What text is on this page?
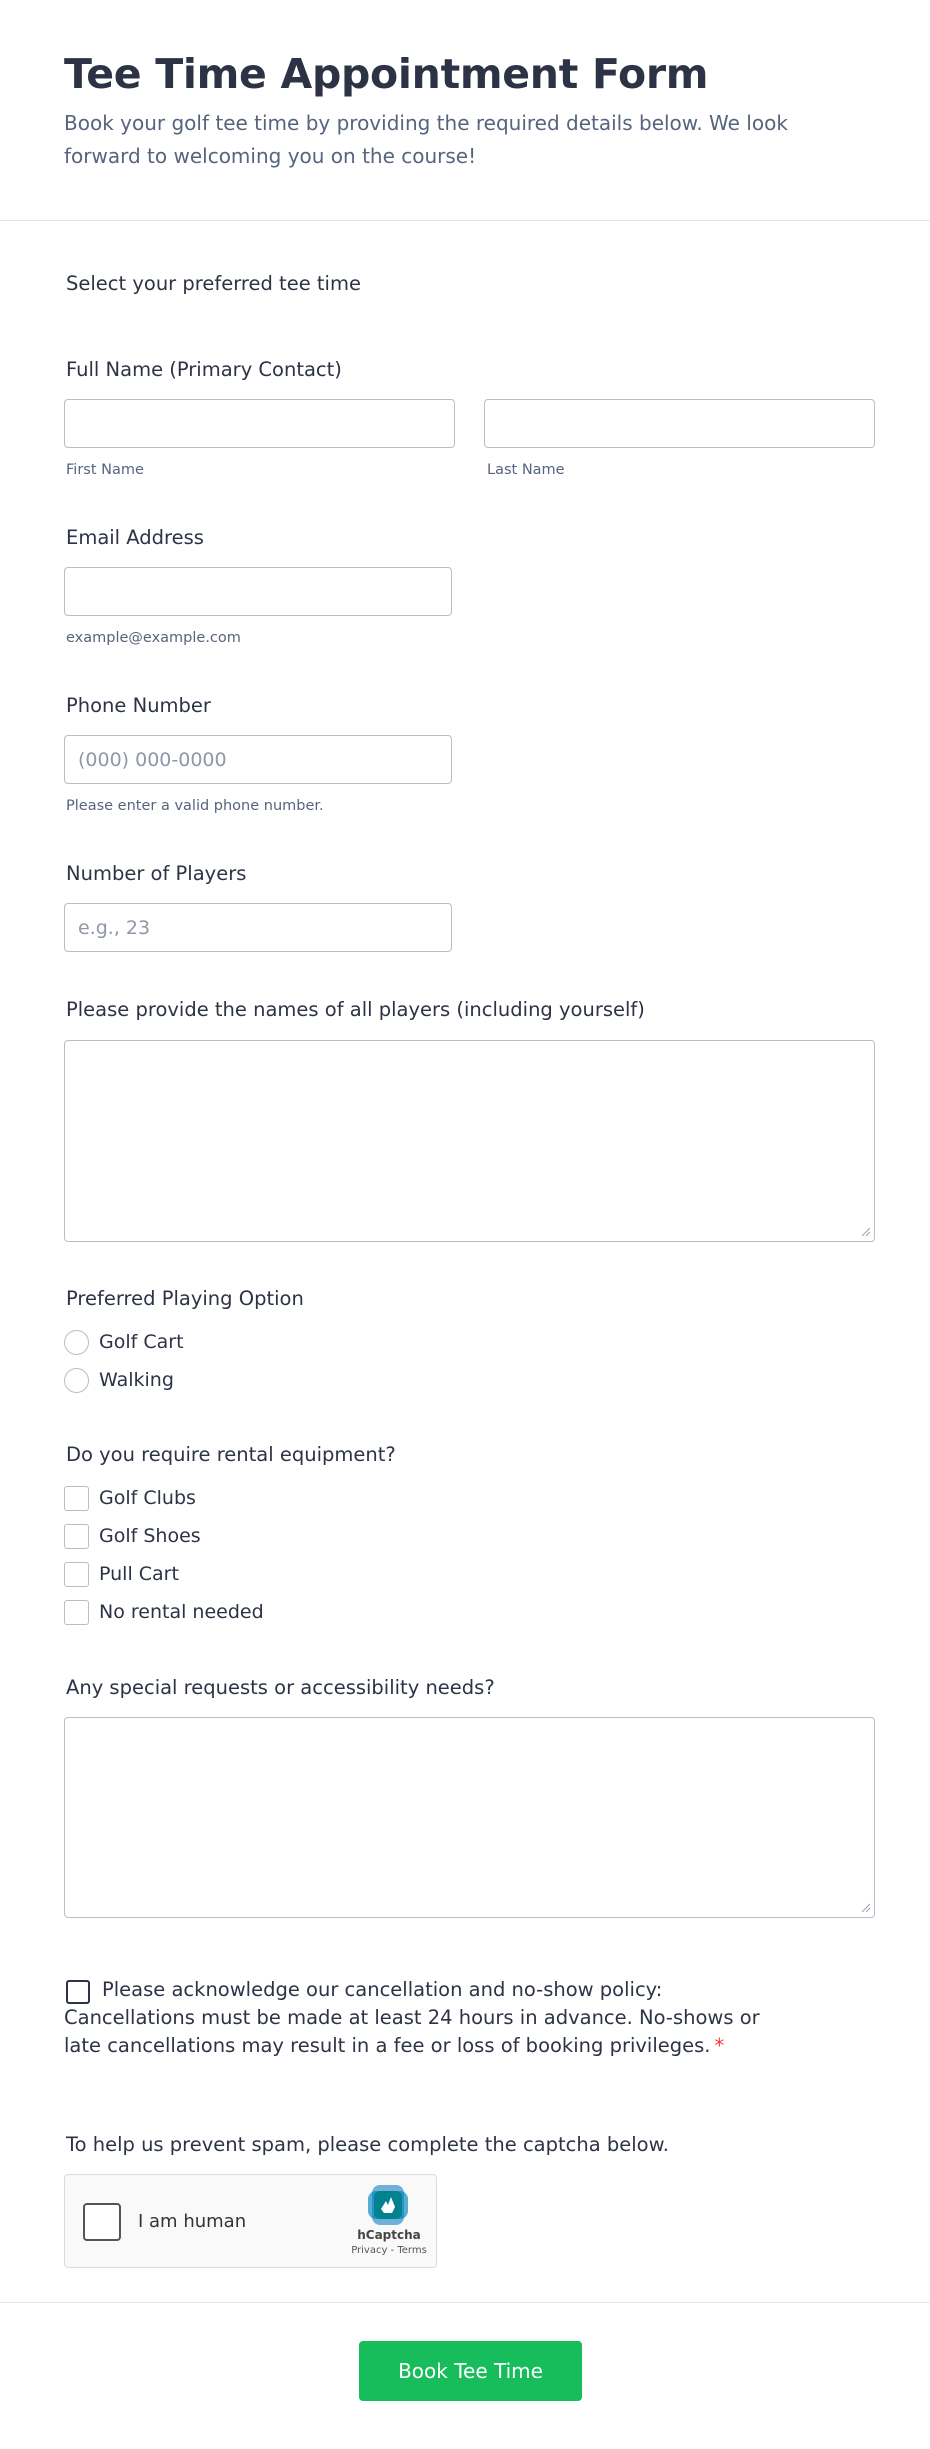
Tee Time Appointment Form

Book your golf tee time by providing the required details below. We look forward to welcoming you on the course!

Select your preferred tee time
Full Name (Primary Contact)
First Name	Last Name
Email Address
example@example.com
Phone Number
(000) 000-0000
Please enter a valid phone number.
Number of Players
e.g., 23
Please provide the names of all players (including yourself)
Preferred Playing Option
Golf Cart
Walking
Do you require rental equipment?
Golf Clubs
Golf Shoes
Pull Cart
No rental needed
Any special requests or accessibility needs?
Please acknowledge our cancellation and no-show policy: Cancellations must be made at least 24 hours in advance. No-shows or late cancellations may result in a fee or loss of booking privileges. *
To help us prevent spam, please complete the captcha below.
I am human
hCaptcha
Privacy - Terms
Book Tee Time
